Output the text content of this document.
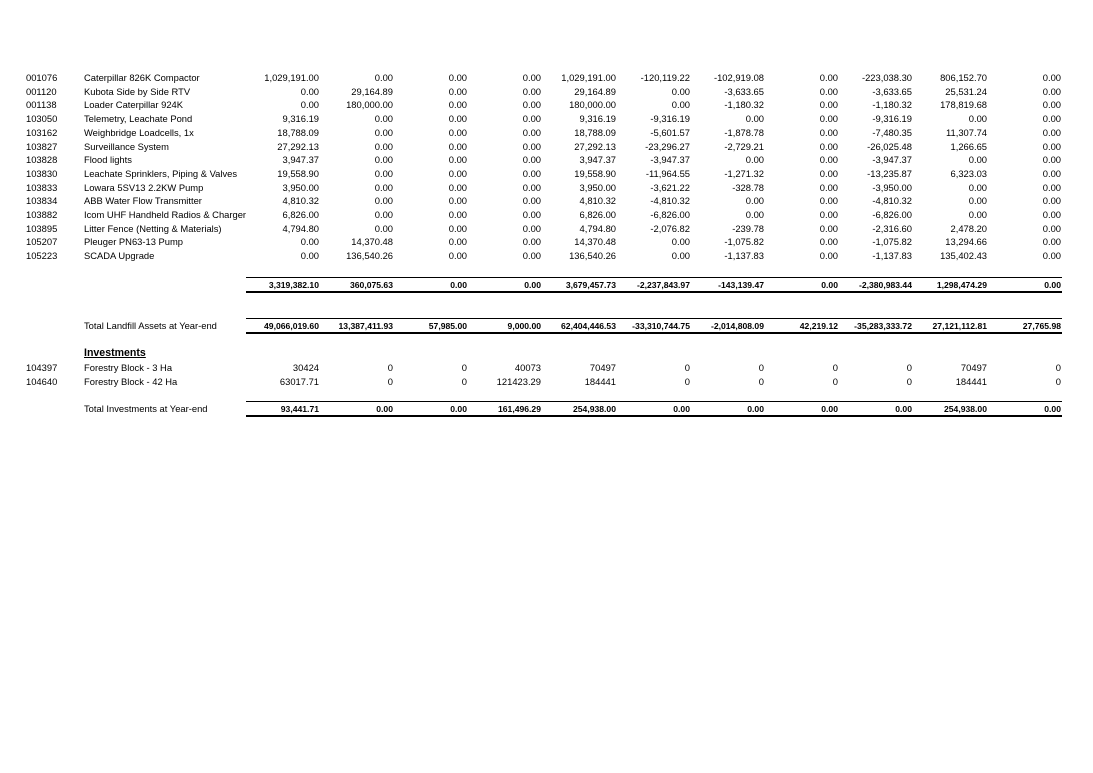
001076	Caterpillar 826K Compactor	1,029,191.00	0.00	0.00	0.00	1,029,191.00	-120,119.22	-102,919.08	0.00	-223,038.30	806,152.70	0.00
001120	Kubota Side by Side RTV	0.00	29,164.89	0.00	0.00	29,164.89	0.00	-3,633.65	0.00	-3,633.65	25,531.24	0.00
001138	Loader Caterpillar 924K	0.00	180,000.00	0.00	0.00	180,000.00	0.00	-1,180.32	0.00	-1,180.32	178,819.68	0.00
103050	Telemetry, Leachate Pond	9,316.19	0.00	0.00	0.00	9,316.19	-9,316.19	0.00	0.00	-9,316.19	0.00	0.00
103162	Weighbridge Loadcells, 1x	18,788.09	0.00	0.00	0.00	18,788.09	-5,601.57	-1,878.78	0.00	-7,480.35	11,307.74	0.00
103827	Surveillance System	27,292.13	0.00	0.00	0.00	27,292.13	-23,296.27	-2,729.21	0.00	-26,025.48	1,266.65	0.00
103828	Flood lights	3,947.37	0.00	0.00	0.00	3,947.37	-3,947.37	0.00	0.00	-3,947.37	0.00	0.00
103830	Leachate Sprinklers, Piping & Valves	19,558.90	0.00	0.00	0.00	19,558.90	-11,964.55	-1,271.32	0.00	-13,235.87	6,323.03	0.00
103833	Lowara 5SV13 2.2KW Pump	3,950.00	0.00	0.00	0.00	3,950.00	-3,621.22	-328.78	0.00	-3,950.00	0.00	0.00
103834	ABB Water Flow Transmitter	4,810.32	0.00	0.00	0.00	4,810.32	-4,810.32	0.00	0.00	-4,810.32	0.00	0.00
103882	Icom UHF Handheld Radios & Charger	6,826.00	0.00	0.00	0.00	6,826.00	-6,826.00	0.00	0.00	-6,826.00	0.00	0.00
103895	Litter Fence (Netting & Materials)	4,794.80	0.00	0.00	0.00	4,794.80	-2,076.82	-239.78	0.00	-2,316.60	2,478.20	0.00
105207	Pleuger PN63-13 Pump	0.00	14,370.48	0.00	0.00	14,370.48	0.00	-1,075.82	0.00	-1,075.82	13,294.66	0.00
105223	SCADA Upgrade	0.00	136,540.26	0.00	0.00	136,540.26	0.00	-1,137.83	0.00	-1,137.83	135,402.43	0.00
3,319,382.10	360,075.63	0.00	0.00	3,679,457.73	-2,237,843.97	-143,139.47	0.00	-2,380,983.44	1,298,474.29	0.00
Total Landfill Assets at Year-end	49,066,019.60	13,387,411.93	57,985.00	9,000.00	62,404,446.53	-33,310,744.75	-2,014,808.09	42,219.12	-35,283,333.72	27,121,112.81	27,765.98
Investments
104397	Forestry Block - 3 Ha	30424	0	0	40073	70497	0	0	0	0	70497	0
104640	Forestry Block - 42 Ha	63017.71	0	0	121423.29	184441	0	0	0	0	184441	0
Total Investments at Year-end	93,441.71	0.00	0.00	161,496.29	254,938.00	0.00	0.00	0.00	0.00	254,938.00	0.00
